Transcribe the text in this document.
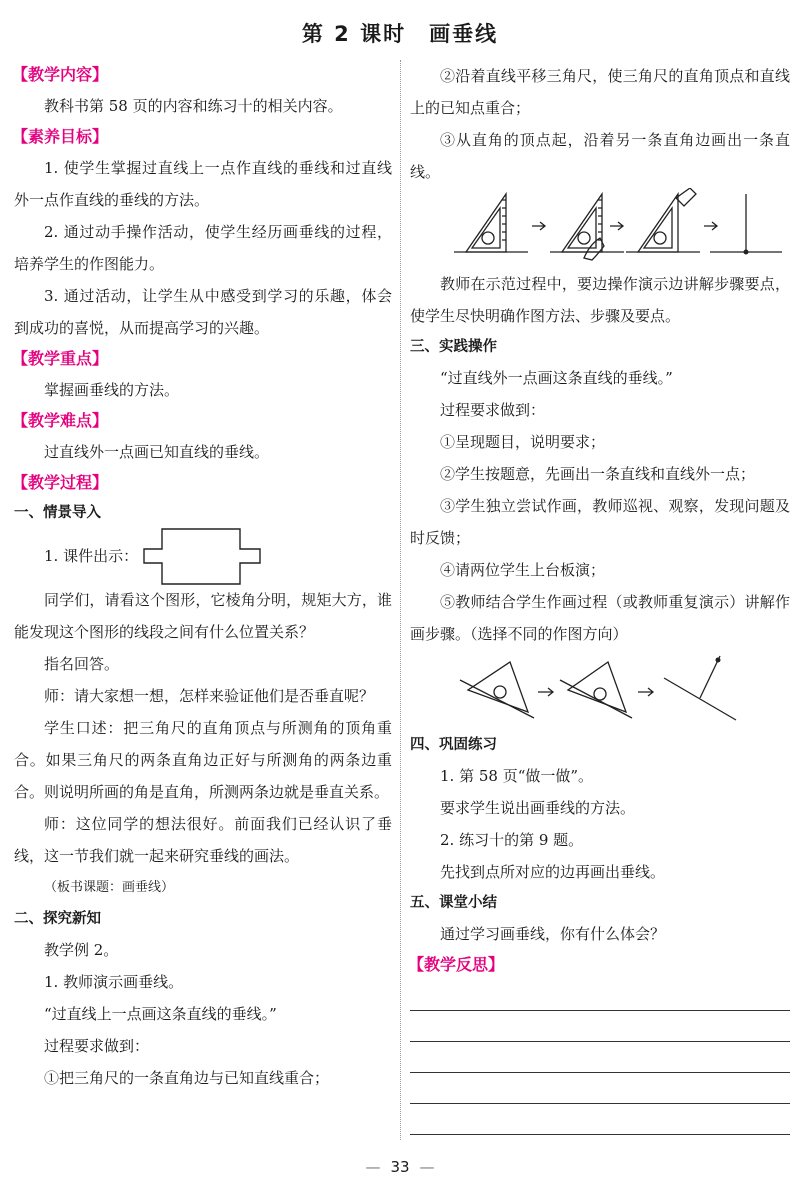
第 2 课时　画垂线
【教学内容】

教科书第 58 页的内容和练习十的相关内容。

【素养目标】

1. 使学生掌握过直线上一点作直线的垂线和过直线外一点作直线的垂线的方法。

2. 通过动手操作活动，使学生经历画垂线的过程，培养学生的作图能力。

3. 通过活动，让学生从中感受到学习的乐趣，体会到成功的喜悦，从而提高学习的兴趣。

【教学重点】

掌握画垂线的方法。

【教学难点】

过直线外一点画已知直线的垂线。

【教学过程】
一、情景导入
1. 课件出示：

同学们，请看这个图形，它棱角分明，规矩大方，谁能发现这个图形的线段之间有什么位置关系？

指名回答。

师：请大家想一想，怎样来验证他们是否垂直呢？

学生口述：把三角尺的直角顶点与所测角的顶角重合。如果三角尺的两条直角边正好与所测角的两条边重合。则说明所画的角是直角，所测两条边就是垂直关系。

师：这位同学的想法很好。前面我们已经认识了垂线，这一节我们就一起来研究垂线的画法。

（板书课题：画垂线）

二、探究新知

教学例 2。

1. 教师演示画垂线。

“过直线上一点画这条直线的垂线。”

过程要求做到：

①把三角尺的一条直角边与已知直线重合；

②沿着直线平移三角尺，使三角尺的直角顶点和直线上的已知点重合；

③从直角的顶点起，沿着另一条直角边画出一条直线。

教师在示范过程中，要边操作演示边讲解步骤要点，使学生尽快明确作图方法、步骤及要点。

三、实践操作

“过直线外一点画这条直线的垂线。”

过程要求做到：

①呈现题目，说明要求；

②学生按题意，先画出一条直线和直线外一点；

③学生独立尝试作画，教师巡视、观察，发现问题及时反馈；

④请两位学生上台板演；

⑤教师结合学生作画过程（或教师重复演示）讲解作画步骤。（选择不同的作图方向）

四、巩固练习

1. 第 58 页“做一做”。

要求学生说出画垂线的方法。

2. 练习十的第 9 题。

先找到点所对应的边再画出垂线。

五、课堂小结

通过学习画垂线，你有什么体会？

【教学反思】
— 33 —
